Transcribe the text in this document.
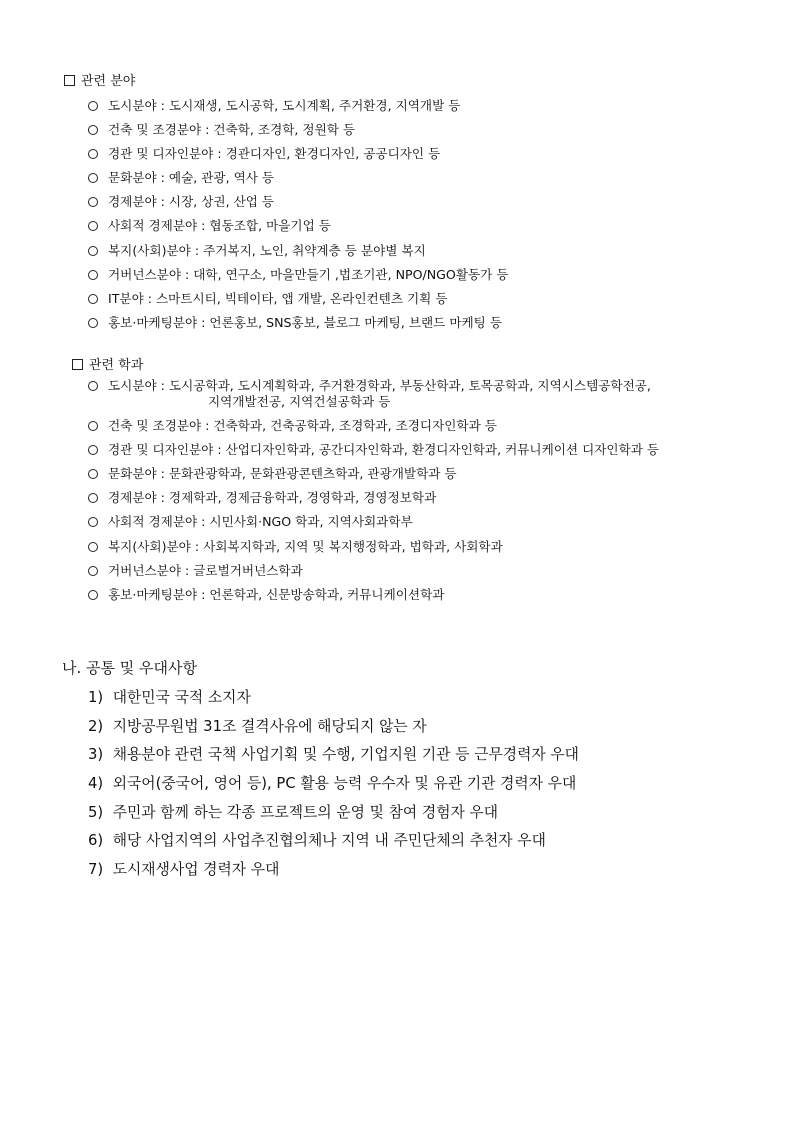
관련 분야
도시분야 : 도시재생, 도시공학, 도시계획, 주거환경, 지역개발 등
건축 및 조경분야 : 건축학, 조경학, 정원학 등
경관 및 디자인분야 : 경관디자인, 환경디자인, 공공디자인 등
문화분야 : 예술, 관광, 역사 등
경제분야 : 시장, 상권, 산업 등
사회적 경제분야 : 협동조합, 마을기업 등
복지(사회)분야 : 주거복지, 노인, 취약계층 등 분야별 복지
거버넌스분야 : 대학, 연구소, 마을만들기 ,법조기관, NPO/NGO활동가 등
IT분야 : 스마트시티, 빅테이타, 앱 개발, 온라인컨텐츠 기획 등
홍보·마케팅분야 : 언론홍보, SNS홍보, 블로그 마케팅, 브랜드 마케팅 등
관련 학과
도시분야 : 도시공학과, 도시계획학과, 주거환경학과, 부동산학과, 토목공학과, 지역시스템공학전공,
지역개발전공, 지역건설공학과 등
건축 및 조경분야 : 건축학과, 건축공학과, 조경학과, 조경디자인학과 등
경관 및 디자인분야 : 산업디자인학과, 공간디자인학과, 환경디자인학과, 커뮤니케이션 디자인학과 등
문화분야 : 문화관광학과, 문화관광콘텐츠학과, 관광개발학과 등
경제분야 : 경제학과, 경제금융학과, 경영학과, 경영정보학과
사회적 경제분야 : 시민사회·NGO 학과, 지역사회과학부
복지(사회)분야 : 사회복지학과, 지역 및 복지행정학과, 법학과, 사회학과
거버넌스분야 : 글로벌거버넌스학과
홍보·마케팅분야 : 언론학과, 신문방송학과, 커뮤니케이션학과
나. 공통 및 우대사항
1) 대한민국 국적 소지자
2) 지방공무원법 31조 결격사유에 해당되지 않는 자
3) 채용분야 관련 국책 사업기획 및 수행, 기업지원 기관 등 근무경력자 우대
4) 외국어(중국어, 영어 등), PC 활용 능력 우수자 및 유관 기관 경력자 우대
5) 주민과 함께 하는 각종 프로젝트의 운영 및 참여 경험자 우대
6) 해당 사업지역의 사업추진협의체나 지역 내 주민단체의 추천자 우대
7) 도시재생사업 경력자 우대
